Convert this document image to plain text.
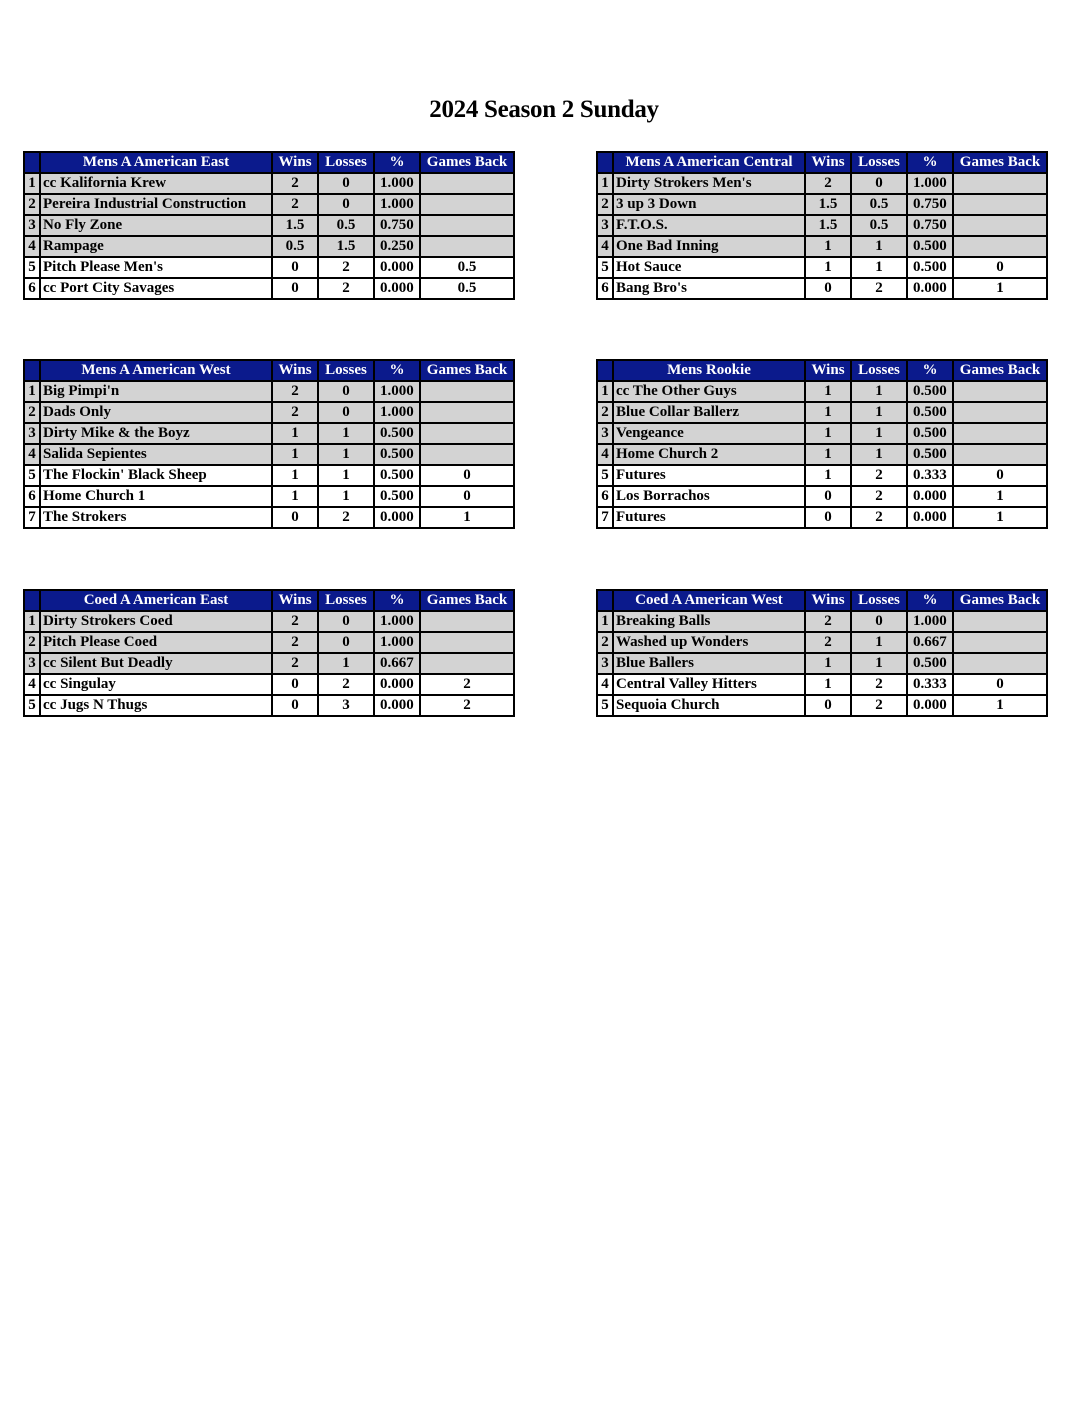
2024 Season 2 Sunday
	Mens A American East	Wins	Losses	%	Games Back
1	cc Kalifornia Krew	2	0	1.000	
2	Pereira Industrial Construction	2	0	1.000	
3	No Fly Zone	1.5	0.5	0.750	
4	Rampage	0.5	1.5	0.250	
5	Pitch Please Men's	0	2	0.000	0.5
6	cc Port City Savages	0	2	0.000	0.5
	Mens A American Central	Wins	Losses	%	Games Back
1	Dirty Strokers Men's	2	0	1.000	
2	3 up 3 Down	1.5	0.5	0.750	
3	F.T.O.S.	1.5	0.5	0.750	
4	One Bad Inning	1	1	0.500	
5	Hot Sauce	1	1	0.500	0
6	Bang Bro's	0	2	0.000	1
	Mens A American West	Wins	Losses	%	Games Back
1	Big Pimpi'n	2	0	1.000	
2	Dads Only	2	0	1.000	
3	Dirty Mike & the Boyz	1	1	0.500	
4	Salida Sepientes	1	1	0.500	
5	The Flockin' Black Sheep	1	1	0.500	0
6	Home Church 1	1	1	0.500	0
7	The Strokers	0	2	0.000	1
	Mens Rookie	Wins	Losses	%	Games Back
1	cc The Other Guys	1	1	0.500	
2	Blue Collar Ballerz	1	1	0.500	
3	Vengeance	1	1	0.500	
4	Home Church 2	1	1	0.500	
5	Futures	1	2	0.333	0
6	Los Borrachos	0	2	0.000	1
7	Futures	0	2	0.000	1
	Coed A American East	Wins	Losses	%	Games Back
1	Dirty Strokers Coed	2	0	1.000	
2	Pitch Please Coed	2	0	1.000	
3	cc Silent But Deadly	2	1	0.667	
4	cc Singulay	0	2	0.000	2
5	cc Jugs N Thugs	0	3	0.000	2
	Coed A American West	Wins	Losses	%	Games Back
1	Breaking Balls	2	0	1.000	
2	Washed up Wonders	2	1	0.667	
3	Blue Ballers	1	1	0.500	
4	Central Valley Hitters	1	2	0.333	0
5	Sequoia Church	0	2	0.000	1
